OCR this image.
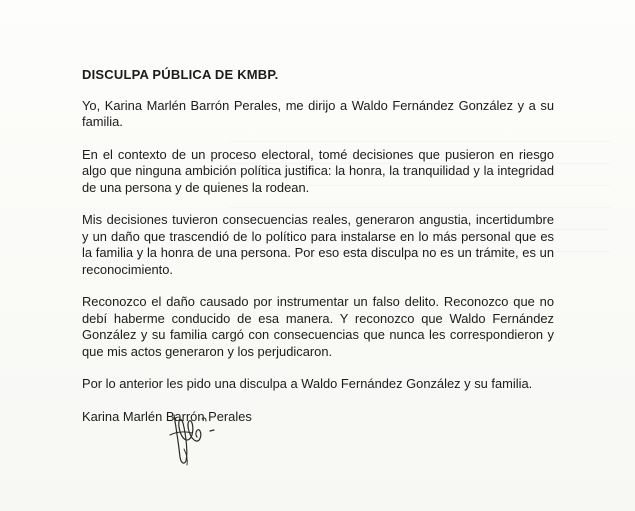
DISCULPA PÚBLICA DE KMBP.

Yo, Karina Marlén Barrón Perales, me dirijo a Waldo Fernández González y a su familia.

En el contexto de un proceso electoral, tomé decisiones que pusieron en riesgo algo que ninguna ambición política justifica: la honra, la tranquilidad y la integridad de una persona y de quienes la rodean.

Mis decisiones tuvieron consecuencias reales, generaron angustia, incertidumbre y un daño que trascendió de lo político para instalarse en lo más personal que es la familia y la honra de una persona. Por eso esta disculpa no es un trámite, es un reconocimiento.

Reconozco el daño causado por instrumentar un falso delito. Reconozco que no debí haberme conducido de esa manera. Y reconozco que Waldo Fernández González y su familia cargó con consecuencias que nunca les correspondieron y que mis actos generaron y los perjudicaron.

Por lo anterior les pido una disculpa a Waldo Fernández González y su familia.

Karina Marlén Barrón Perales
